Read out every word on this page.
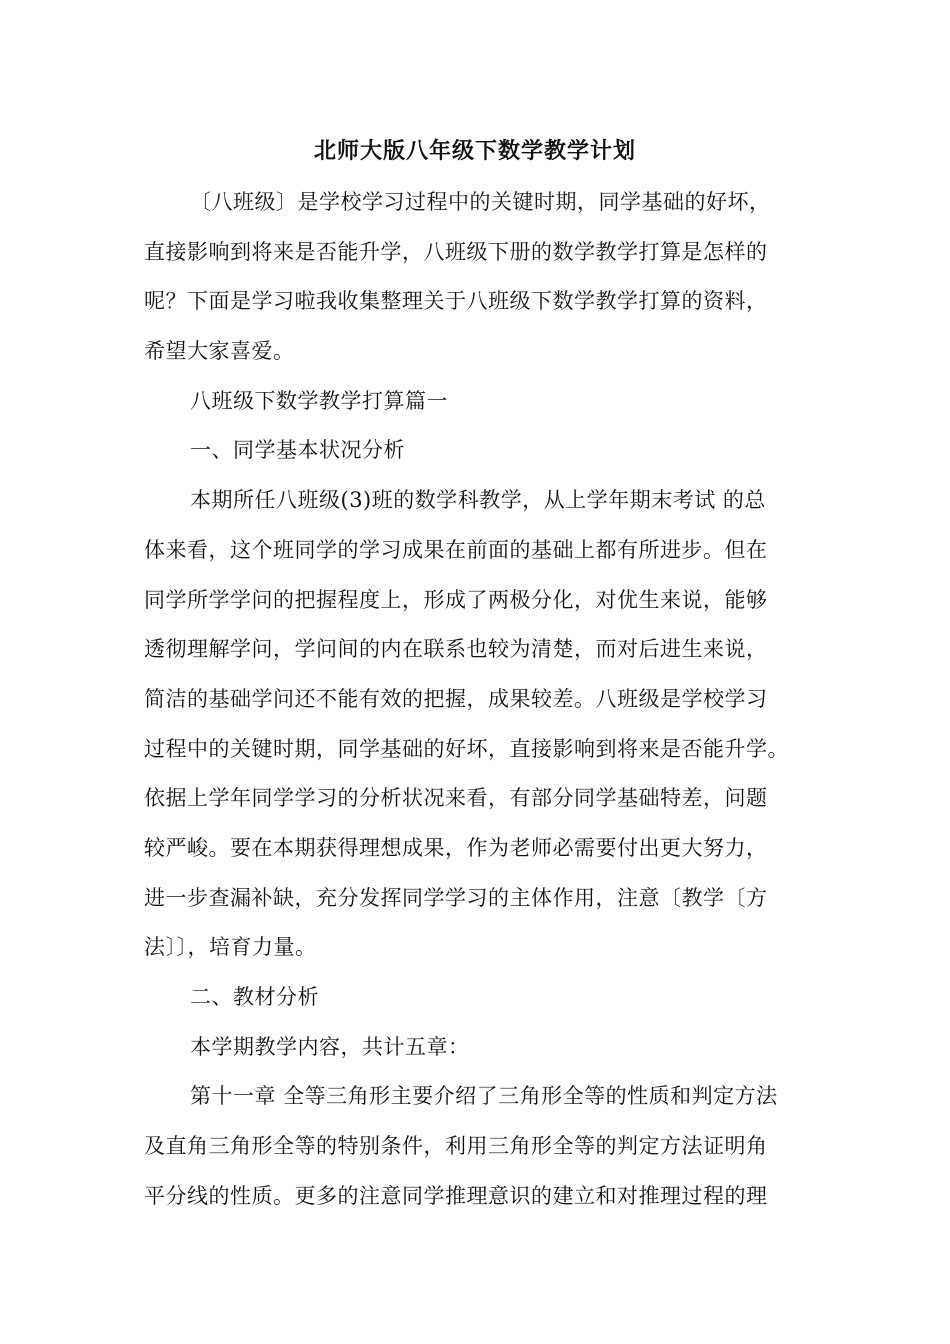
北师大版八年级下数学教学计划
〔八班级〕是学校学习过程中的关键时期，同学基础的好坏，
直接影响到将来是否能升学，八班级下册的数学教学打算是怎样的
呢？下面是学习啦我收集整理关于八班级下数学教学打算的资料，
希望大家喜爱。
八班级下数学教学打算篇一
一、同学基本状况分析
本期所任八班级(3)班的数学科教学，从上学年期末考试 的总
体来看，这个班同学的学习成果在前面的基础上都有所进步。但在
同学所学学问的把握程度上，形成了两极分化，对优生来说，能够
透彻理解学问，学问间的内在联系也较为清楚，而对后进生来说，
简洁的基础学问还不能有效的把握，成果较差。八班级是学校学习
过程中的关键时期，同学基础的好坏，直接影响到将来是否能升学。
依据上学年同学学习的分析状况来看，有部分同学基础特差，问题
较严峻。要在本期获得理想成果，作为老师必需要付出更大努力，
进一步查漏补缺，充分发挥同学学习的主体作用，注意〔教学〔方
法〕〕，培育力量。
二、教材分析
本学期教学内容，共计五章：
第十一章 全等三角形主要介绍了三角形全等的性质和判定方法
及直角三角形全等的特别条件，利用三角形全等的判定方法证明角
平分线的性质。更多的注意同学推理意识的建立和对推理过程的理
